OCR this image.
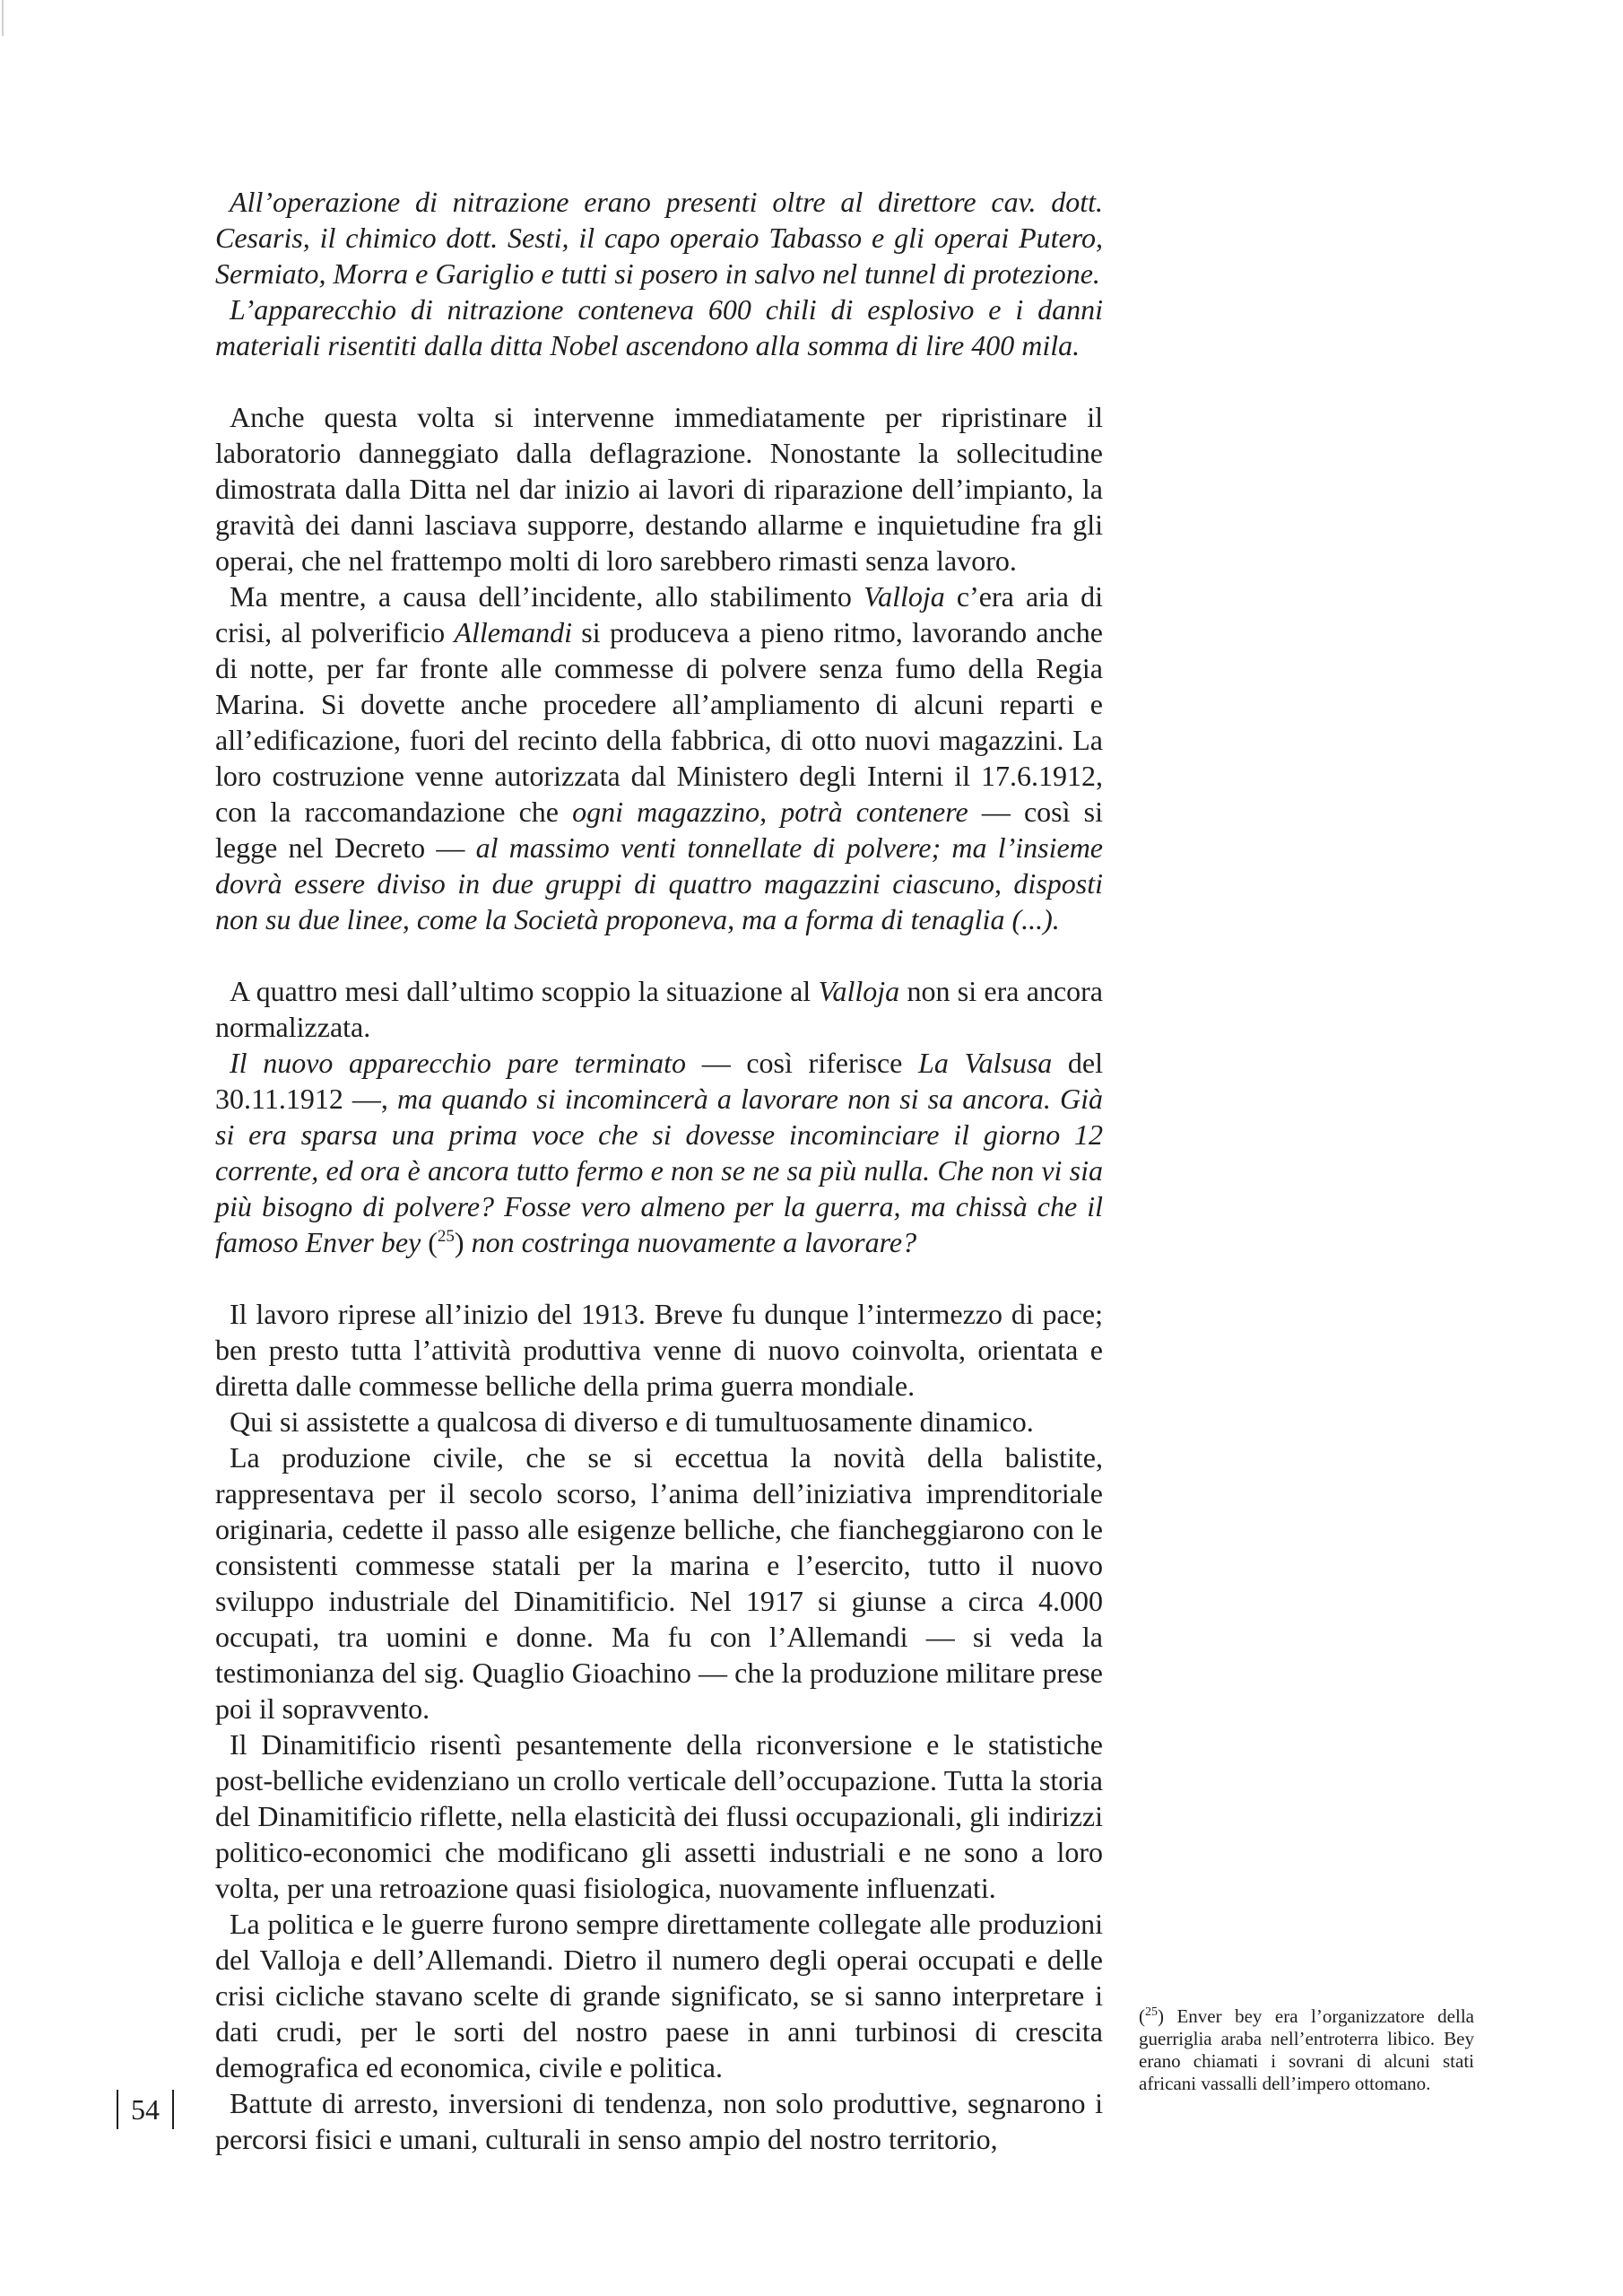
All’operazione di nitrazione erano presenti oltre al direttore cav. dott. Cesaris, il chimico dott. Sesti, il capo operaio Tabasso e gli operai Putero, Sermiato, Morra e Gariglio e tutti si posero in salvo nel tunnel di protezione.

L’apparecchio di nitrazione conteneva 600 chili di esplosivo e i danni materiali risentiti dalla ditta Nobel ascendono alla somma di lire 400 mila.

Anche questa volta si intervenne immediatamente per ripristinare il laboratorio danneggiato dalla deflagrazione. Nonostante la sollecitudine dimostrata dalla Ditta nel dar inizio ai lavori di riparazione dell’impianto, la gravità dei danni lasciava supporre, destando allarme e inquietudine fra gli operai, che nel frattempo molti di loro sarebbero rimasti senza lavoro.

Ma mentre, a causa dell’incidente, allo stabilimento Valloja c’era aria di crisi, al polverificio Allemandi si produceva a pieno ritmo, lavorando anche di notte, per far fronte alle commesse di polvere senza fumo della Regia Marina. Si dovette anche procedere all’ampliamento di alcuni reparti e all’edificazione, fuori del recinto della fabbrica, di otto nuovi magazzini. La loro costruzione venne autorizzata dal Ministero degli Interni il 17.6.1912, con la raccomandazione che ogni magazzino, potrà contenere — così si legge nel Decreto — al massimo venti tonnellate di polvere; ma l’insieme dovrà essere diviso in due gruppi di quattro magazzini ciascuno, disposti non su due linee, come la Società proponeva, ma a forma di tenaglia (...).

A quattro mesi dall’ultimo scoppio la situazione al Valloja non si era ancora normalizzata.

Il nuovo apparecchio pare terminato — così riferisce La Valsusa del 30.11.1912 —, ma quando si incomincerà a lavorare non si sa ancora. Già si era sparsa una prima voce che si dovesse incominciare il giorno 12 corrente, ed ora è ancora tutto fermo e non se ne sa più nulla. Che non vi sia più bisogno di polvere? Fosse vero almeno per la guerra, ma chissà che il famoso Enver bey ($^{25}$) non costringa nuovamente a lavorare?

Il lavoro riprese all’inizio del 1913. Breve fu dunque l’intermezzo di pace; ben presto tutta l’attività produttiva venne di nuovo coinvolta, orientata e diretta dalle commesse belliche della prima guerra mondiale.

Qui si assistette a qualcosa di diverso e di tumultuosamente dinamico.

La produzione civile, che se si eccettua la novità della balistite, rappresentava per il secolo scorso, l’anima dell’iniziativa imprenditoriale originaria, cedette il passo alle esigenze belliche, che fiancheggiarono con le consistenti commesse statali per la marina e l’esercito, tutto il nuovo sviluppo industriale del Dinamitificio. Nel 1917 si giunse a circa 4.000 occupati, tra uomini e donne. Ma fu con l’Allemandi — si veda la testimonianza del sig. Quaglio Gioachino — che la produzione militare prese poi il sopravvento.

Il Dinamitificio risentì pesantemente della riconversione e le statistiche post-belliche evidenziano un crollo verticale dell’occupazione. Tutta la storia del Dinamitificio riflette, nella elasticità dei flussi occupazionali, gli indirizzi politico-economici che modificano gli assetti industriali e ne sono a loro volta, per una retroazione quasi fisiologica, nuovamente influenzati.

La politica e le guerre furono sempre direttamente collegate alle produzioni del Valloja e dell’Allemandi. Dietro il numero degli operai occupati e delle crisi cicliche stavano scelte di grande significato, se si sanno interpretare i dati crudi, per le sorti del nostro paese in anni turbinosi di crescita demografica ed economica, civile e politica.

Battute di arresto, inversioni di tendenza, non solo produttive, segnarono i percorsi fisici e umani, culturali in senso ampio del nostro territorio,

54
($^{25}$) Enver bey era l’organizzatore della guerriglia araba nell’entroterra libico. Bey erano chiamati i sovrani di alcuni stati africani vassalli dell’impero ottomano.
